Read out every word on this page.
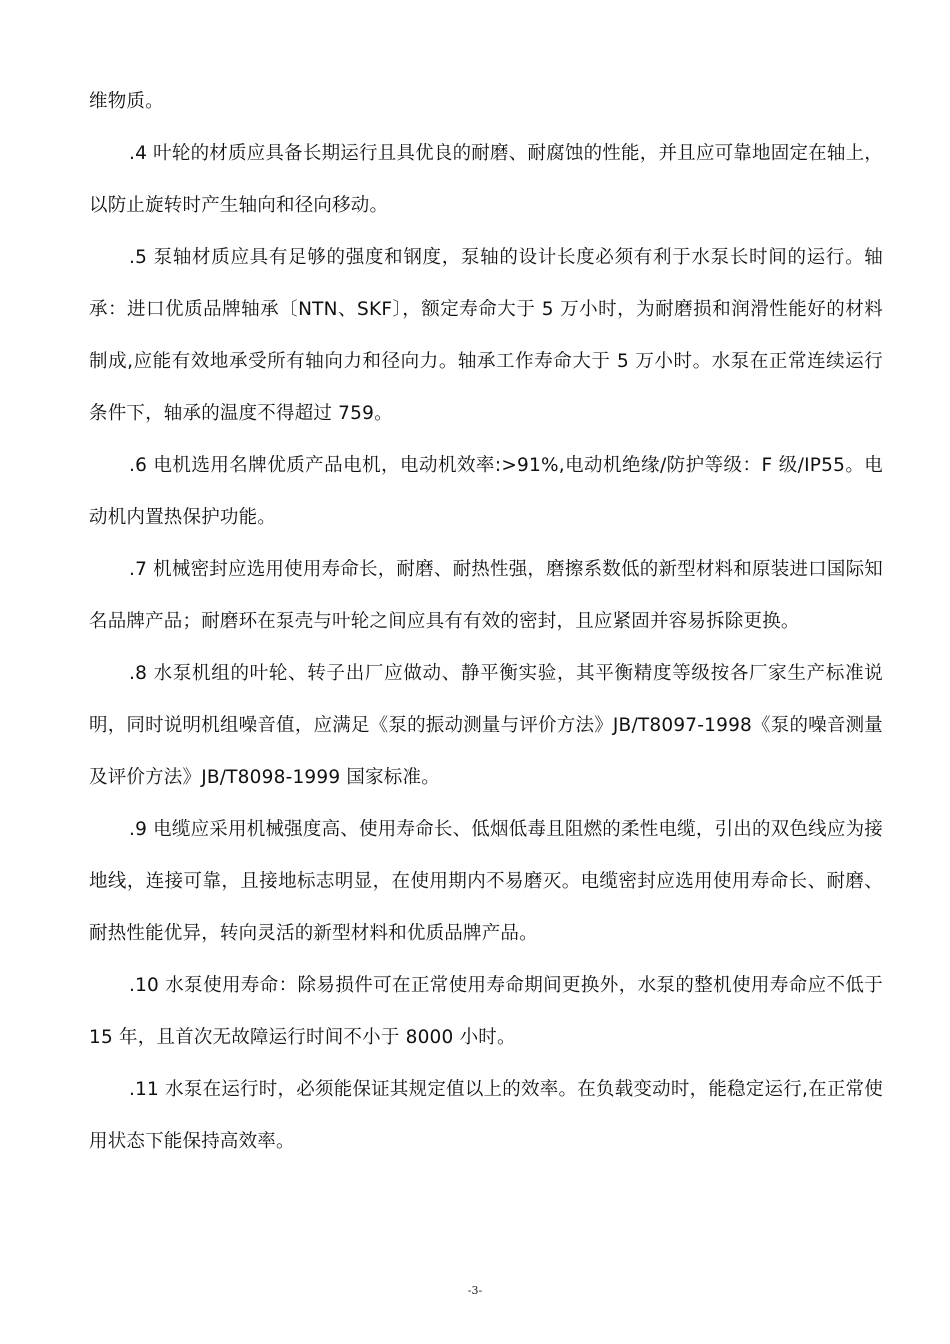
维物质。

.4 叶轮的材质应具备长期运行且具优良的耐磨、耐腐蚀的性能，并且应可靠地固定在轴上，以防止旋转时产生轴向和径向移动。

.5 泵轴材质应具有足够的强度和钢度，泵轴的设计长度必须有利于水泵长时间的运行。轴承：进口优质品牌轴承〔NTN、SKF〕，额定寿命大于 5 万小时，为耐磨损和润滑性能好的材料制成,应能有效地承受所有轴向力和径向力。轴承工作寿命大于 5 万小时。水泵在正常连续运行条件下，轴承的温度不得超过 759。

.6 电机选用名牌优质产品电机，电动机效率:>91%,电动机绝缘/防护等级：F 级/IP55。电动机内置热保护功能。

.7 机械密封应选用使用寿命长，耐磨、耐热性强，磨擦系数低的新型材料和原装进口国际知名品牌产品；耐磨环在泵壳与叶轮之间应具有有效的密封，且应紧固并容易拆除更换。

.8 水泵机组的叶轮、转子出厂应做动、静平衡实验，其平衡精度等级按各厂家生产标准说明，同时说明机组噪音值，应满足《泵的振动测量与评价方法》JB/T8097-1998《泵的噪音测量及评价方法》JB/T8098-1999 国家标准。

.9 电缆应采用机械强度高、使用寿命长、低烟低毒且阻燃的柔性电缆，引出的双色线应为接地线，连接可靠，且接地标志明显，在使用期内不易磨灭。电缆密封应选用使用寿命长、耐磨、耐热性能优异，转向灵活的新型材料和优质品牌产品。

.10 水泵使用寿命：除易损件可在正常使用寿命期间更换外，水泵的整机使用寿命应不低于 15 年，且首次无故障运行时间不小于 8000 小时。

.11 水泵在运行时，必须能保证其规定值以上的效率。在负载变动时，能稳定运行,在正常使用状态下能保持高效率。

-3-
